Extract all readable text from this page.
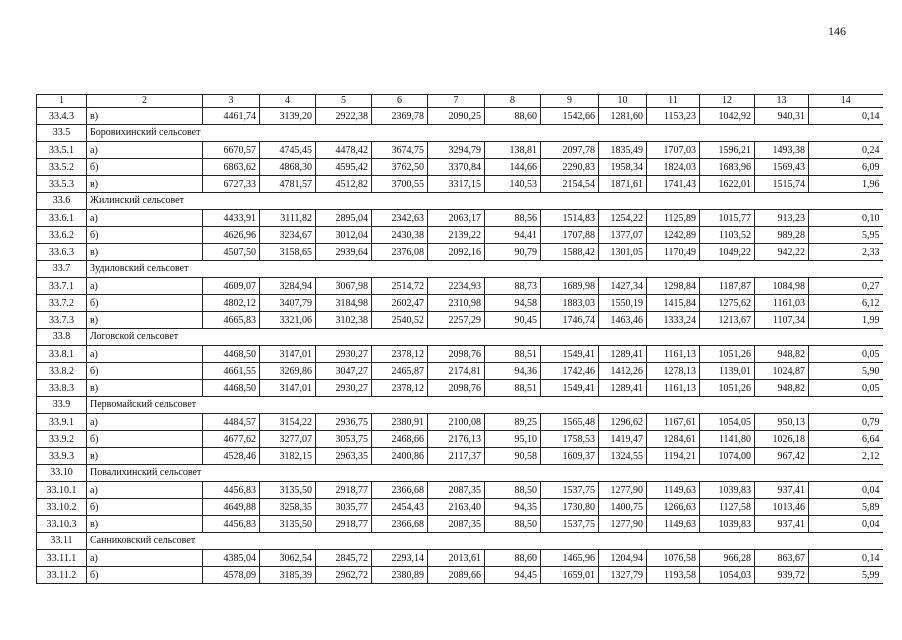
146
1	2	3	4	5	6	7	8	9	10	11	12	13	14
33.4.3	в)	4461,74	3139,20	2922,38	2369,78	2090,25	88,60	1542,66	1281,60	1153,23	1042,92	940,31	0,14
33.5	Боровихинский сельсовет												
33.5.1	а)	6670,57	4745,45	4478,42	3674,75	3294,79	138,81	2097,78	1835,49	1707,03	1596,21	1493,38	0,24
33.5.2	б)	6863,62	4868,30	4595,42	3762,50	3370,84	144,66	2290,83	1958,34	1824,03	1683,96	1569,43	6,09
33.5.3	в)	6727,33	4781,57	4512,82	3700,55	3317,15	140,53	2154,54	1871,61	1741,43	1622,01	1515,74	1,96
33.6	Жилинский сельсовет												
33.6.1	а)	4433,91	3111,82	2895,04	2342,63	2063,17	88,56	1514,83	1254,22	1125,89	1015,77	913,23	0,10
33.6.2	б)	4626,96	3234,67	3012,04	2430,38	2139,22	94,41	1707,88	1377,07	1242,89	1103,52	989,28	5,95
33.6.3	в)	4507,50	3158,65	2939,64	2376,08	2092,16	90,79	1588,42	1301,05	1170,49	1049,22	942,22	2,33
33.7	Зудиловский сельсовет												
33.7.1	а)	4609,07	3284,94	3067,98	2514,72	2234,93	88,73	1689,98	1427,34	1298,84	1187,87	1084,98	0,27
33.7.2	б)	4802,12	3407,79	3184,98	2602,47	2310,98	94,58	1883,03	1550,19	1415,84	1275,62	1161,03	6,12
33.7.3	в)	4665,83	3321,06	3102,38	2540,52	2257,29	90,45	1746,74	1463,46	1333,24	1213,67	1107,34	1,99
33.8	Логовской сельсовет												
33.8.1	а)	4468,50	3147,01	2930,27	2378,12	2098,76	88,51	1549,41	1289,41	1161,13	1051,26	948,82	0,05
33.8.2	б)	4661,55	3269,86	3047,27	2465,87	2174,81	94,36	1742,46	1412,26	1278,13	1139,01	1024,87	5,90
33.8.3	в)	4468,50	3147,01	2930,27	2378,12	2098,76	88,51	1549,41	1289,41	1161,13	1051,26	948,82	0,05
33.9	Первомайский сельсовет												
33.9.1	а)	4484,57	3154,22	2936,75	2380,91	2100,08	89,25	1565,48	1296,62	1167,61	1054,05	950,13	0,79
33.9.2	б)	4677,62	3277,07	3053,75	2468,66	2176,13	95,10	1758,53	1419,47	1284,61	1141,80	1026,18	6,64
33.9.3	в)	4528,46	3182,15	2963,35	2400,86	2117,37	90,58	1609,37	1324,55	1194,21	1074,00	967,42	2,12
33.10	Повалихинский сельсовет												
33.10.1	а)	4456,83	3135,50	2918,77	2366,68	2087,35	88,50	1537,75	1277,90	1149,63	1039,83	937,41	0,04
33.10.2	б)	4649,88	3258,35	3035,77	2454,43	2163,40	94,35	1730,80	1400,75	1266,63	1127,58	1013,46	5,89
33.10.3	в)	4456,83	3135,50	2918,77	2366,68	2087,35	88,50	1537,75	1277,90	1149,63	1039,83	937,41	0,04
33.11	Санниковский сельсовет												
33.11.1	а)	4385,04	3062,54	2845,72	2293,14	2013,61	88,60	1465,96	1204,94	1076,58	966,28	863,67	0,14
33.11.2	б)	4578,09	3185,39	2962,72	2380,89	2089,66	94,45	1659,01	1327,79	1193,58	1054,03	939,72	5,99
